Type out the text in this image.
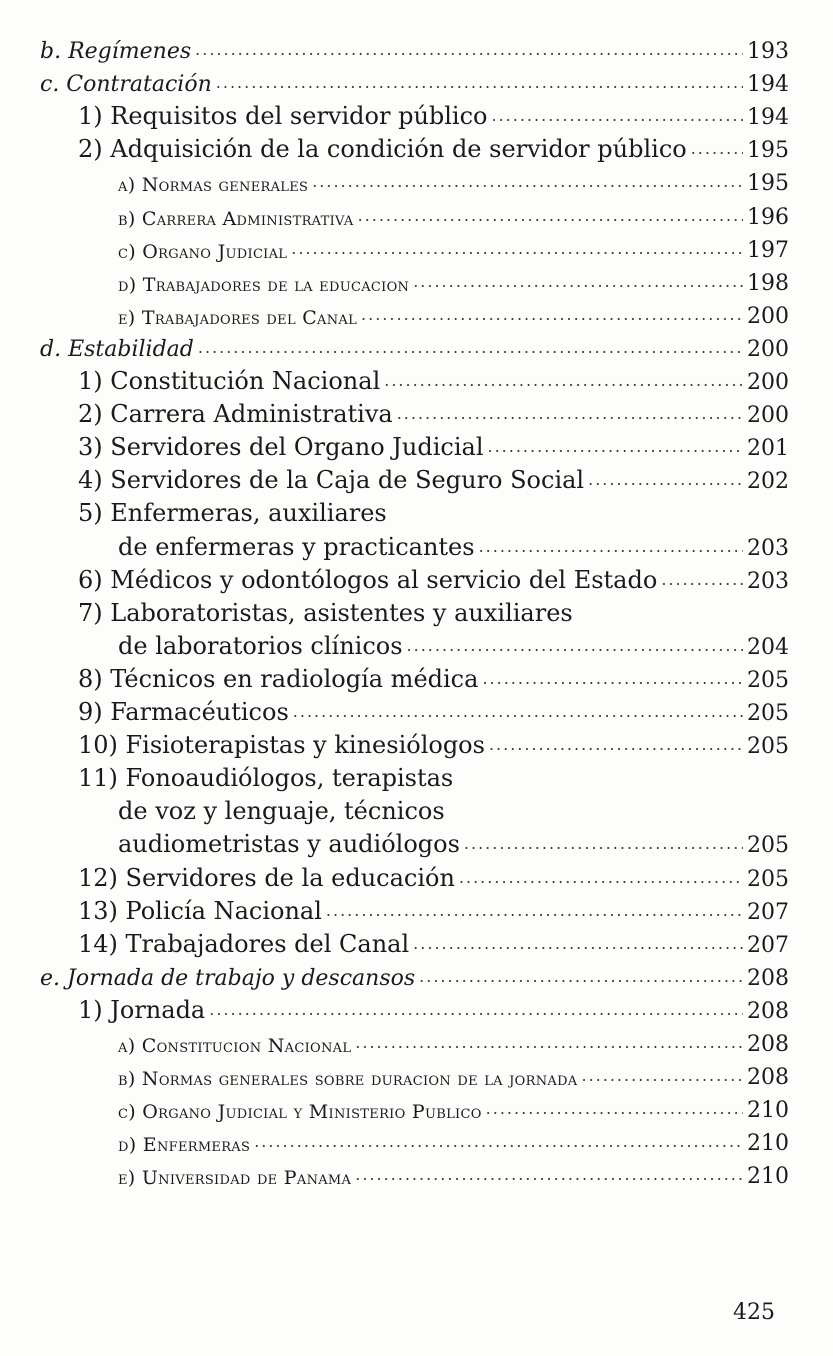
b. Regímenes .....	193
c. Contratación .....	194
1) Requisitos del servidor público .....	194
2) Adquisición de la condición de servidor público .....	195
a) Normas generales .....	195
b) Carrera Administrativa .....	196
c) Organo Judicial .....	197
d) Trabajadores de la educacion .....	198
e) Trabajadores del Canal .....	200
d. Estabilidad .....	200
1) Constitución Nacional .....	200
2) Carrera Administrativa .....	200
3) Servidores del Organo Judicial .....	201
4) Servidores de la Caja de Seguro Social .....	202
5) Enfermeras, auxiliares
de enfermeras y practicantes .....	203
6) Médicos y odontólogos al servicio del Estado .....	203
7) Laboratoristas, asistentes y auxiliares
de laboratorios clínicos .....	204
8) Técnicos en radiología médica .....	205
9) Farmacéuticos .....	205
10) Fisioterapistas y kinesiólogos .....	205
11) Fonoaudiólogos, terapistas
de voz y lenguaje, técnicos
audiometristas y audiólogos .....	205
12) Servidores de la educación .....	205
13) Policía Nacional .....	207
14) Trabajadores del Canal .....	207
e. Jornada de trabajo y descansos .....	208
1) Jornada .....	208
a) Constitucion Nacional .....	208
b) Normas generales sobre duracion de la jornada .....	208
c) Organo Judicial y Ministerio Publico .....	210
d) Enfermeras .....	210
e) Universidad de Panama .....	210
425
